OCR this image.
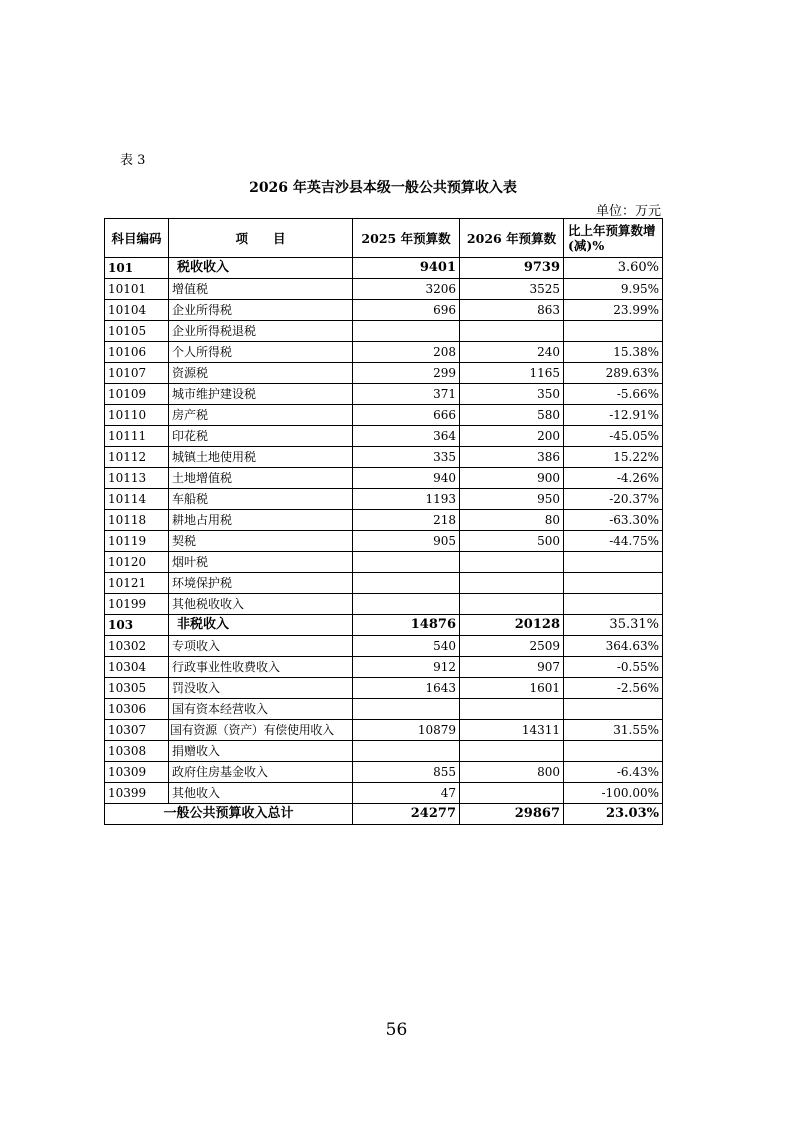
表 3
2026 年英吉沙县本级一般公共预算收入表
单位：万元
科目编码	项　　目	2025 年预算数	2026 年预算数	比上年预算数增(减)%
101	税收收入	9401	9739	3.60%
10101	增值税	3206	3525	9.95%
10104	企业所得税	696	863	23.99%
10105	企业所得税退税			
10106	个人所得税	208	240	15.38%
10107	资源税	299	1165	289.63%
10109	城市维护建设税	371	350	-5.66%
10110	房产税	666	580	-12.91%
10111	印花税	364	200	-45.05%
10112	城镇土地使用税	335	386	15.22%
10113	土地增值税	940	900	-4.26%
10114	车船税	1193	950	-20.37%
10118	耕地占用税	218	80	-63.30%
10119	契税	905	500	-44.75%
10120	烟叶税			
10121	环境保护税			
10199	其他税收收入			
103	非税收入	14876	20128	35.31%
10302	专项收入	540	2509	364.63%
10304	行政事业性收费收入	912	907	-0.55%
10305	罚没收入	1643	1601	-2.56%
10306	国有资本经营收入			
10307	国有资源（资产）有偿使用收入	10879	14311	31.55%
10308	捐赠收入			
10309	政府住房基金收入	855	800	-6.43%
10399	其他收入	47		-100.00%
一般公共预算收入总计		24277	29867	23.03%
56
